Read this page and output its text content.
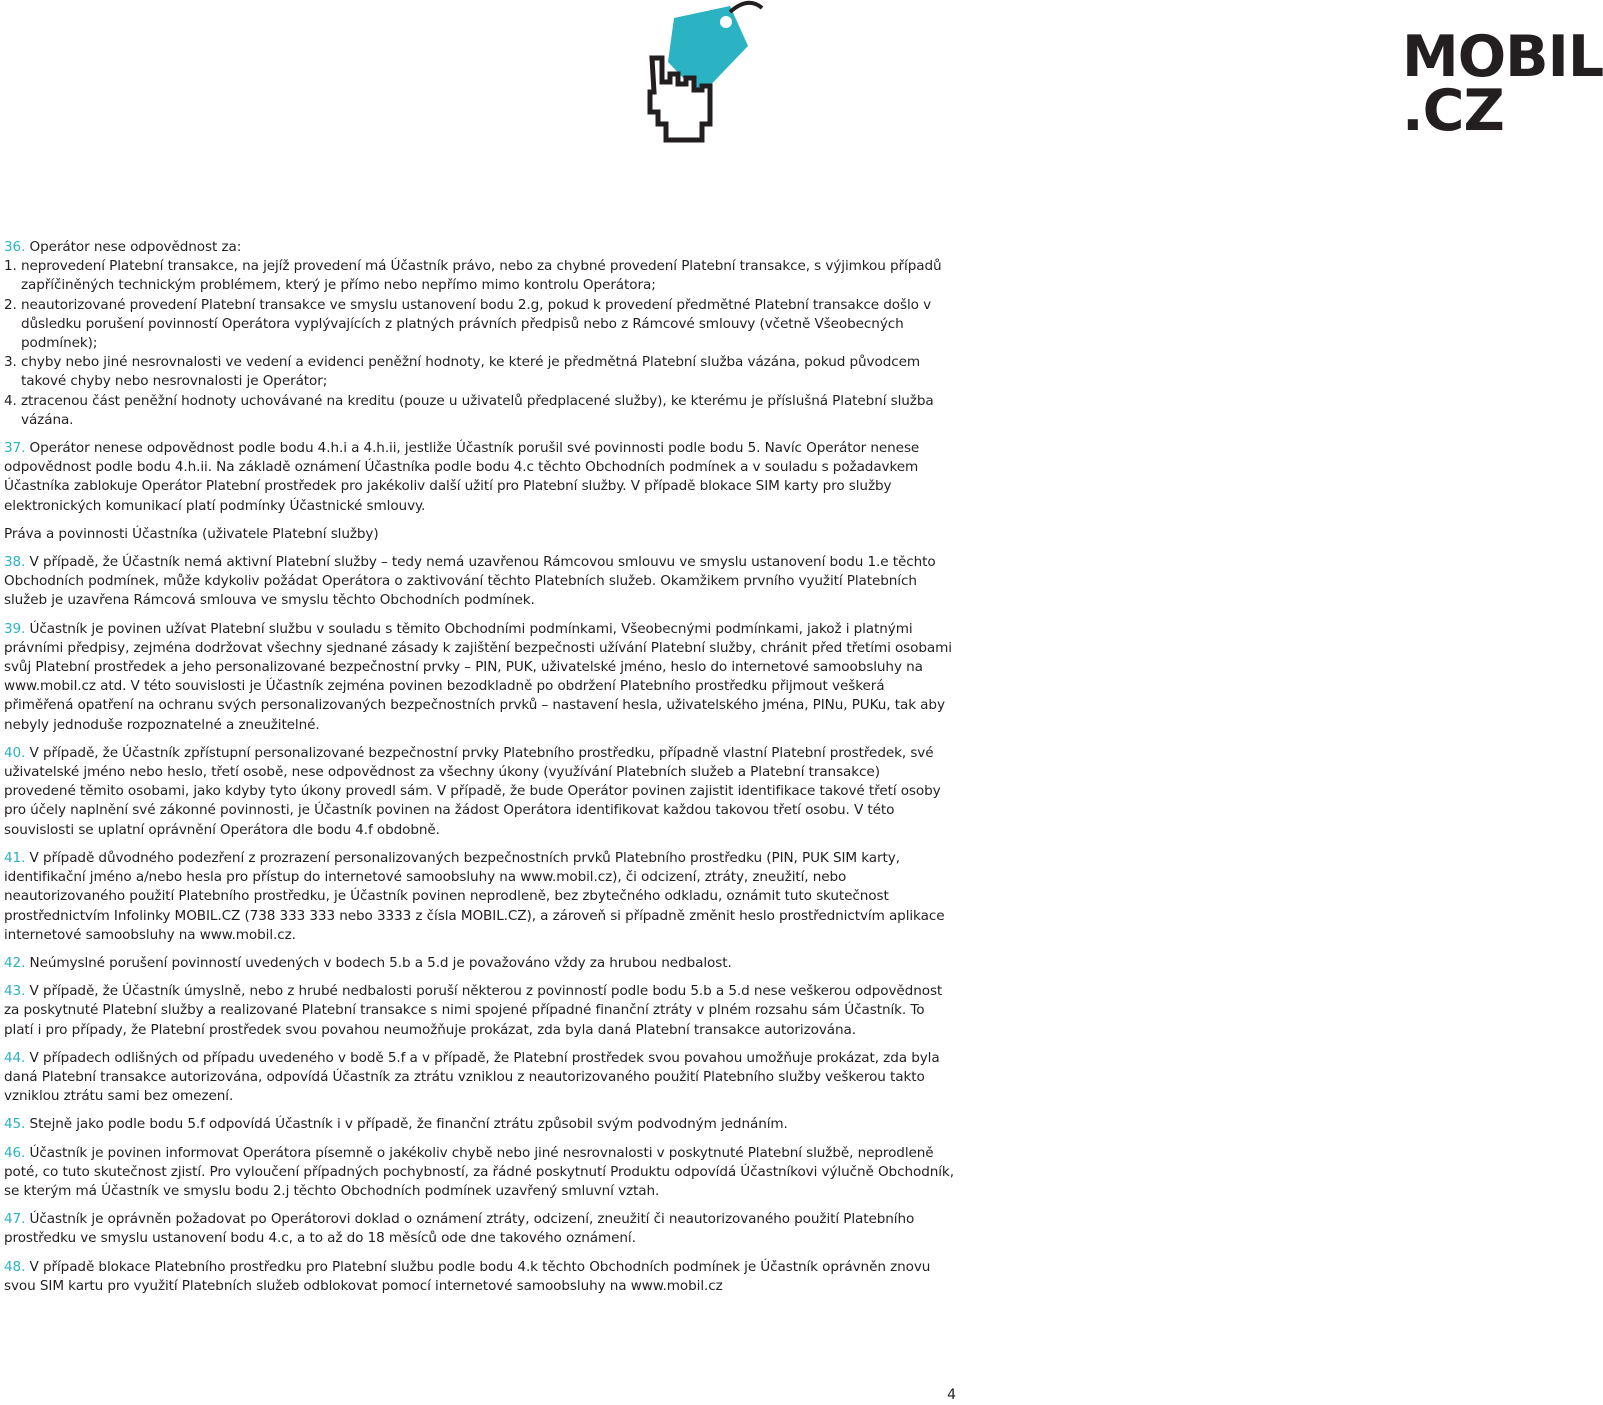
MOBIL
.CZ

36. Operátor nese odpovědnost za:

1. neprovedení Platební transakce, na jejíž provedení má Účastník právo, nebo za chybné provedení Platební transakce, s výjimkou případů zapříčiněných technickým problémem, který je přímo nebo nepřímo mimo kontrolu Operátora;

2. neautorizované provedení Platební transakce ve smyslu ustanovení bodu 2.g, pokud k provedení předmětné Platební transakce došlo v důsledku porušení povinností Operátora vyplývajících z platných právních předpisů nebo z Rámcové smlouvy (včetně Všeobecných podmínek);

3. chyby nebo jiné nesrovnalosti ve vedení a evidenci peněžní hodnoty, ke které je předmětná Platební služba vázána, pokud původcem takové chyby nebo nesrovnalosti je Operátor;

4. ztracenou část peněžní hodnoty uchovávané na kreditu (pouze u uživatelů předplacené služby), ke kterému je příslušná Platební služba vázána.

37. Operátor nenese odpovědnost podle bodu 4.h.i a 4.h.ii, jestliže Účastník porušil své povinnosti podle bodu 5. Navíc Operátor nenese odpovědnost podle bodu 4.h.ii. Na základě oznámení Účastníka podle bodu 4.c těchto Obchodních podmínek a v souladu s požadavkem Účastníka zablokuje Operátor Platební prostředek pro jakékoliv další užití pro Platební služby. V případě blokace SIM karty pro služby elektronických komunikací platí podmínky Účastnické smlouvy.

Práva a povinnosti Účastníka (uživatele Platební služby)

38. V případě, že Účastník nemá aktivní Platební služby – tedy nemá uzavřenou Rámcovou smlouvu ve smyslu ustanovení bodu 1.e těchto Obchodních podmínek, může kdykoliv požádat Operátora o zaktivování těchto Platebních služeb. Okamžikem prvního využití Platebních služeb je uzavřena Rámcová smlouva ve smyslu těchto Obchodních podmínek.

39. Účastník je povinen užívat Platební službu v souladu s těmito Obchodními podmínkami, Všeobecnými podmínkami, jakož i platnými právními předpisy, zejména dodržovat všechny sjednané zásady k zajištění bezpečnosti užívání Platební služby, chránit před třetími osobami svůj Platební prostředek a jeho personalizované bezpečnostní prvky – PIN, PUK, uživatelské jméno, heslo do internetové samoobsluhy na www.mobil.cz atd. V této souvislosti je Účastník zejména povinen bezodkladně po obdržení Platebního prostředku přijmout veškerá přiměřená opatření na ochranu svých personalizovaných bezpečnostních prvků – nastavení hesla, uživatelského jména, PINu, PUKu, tak aby nebyly jednoduše rozpoznatelné a zneužitelné.

40. V případě, že Účastník zpřístupní personalizované bezpečnostní prvky Platebního prostředku, případně vlastní Platební prostředek, své uživatelské jméno nebo heslo, třetí osobě, nese odpovědnost za všechny úkony (využívání Platebních služeb a Platební transakce) provedené těmito osobami, jako kdyby tyto úkony provedl sám. V případě, že bude Operátor povinen zajistit identifikace takové třetí osoby pro účely naplnění své zákonné povinnosti, je Účastník povinen na žádost Operátora identifikovat každou takovou třetí osobu. V této souvislosti se uplatní oprávnění Operátora dle bodu 4.f obdobně.

41. V případě důvodného podezření z prozrazení personalizovaných bezpečnostních prvků Platebního prostředku (PIN, PUK SIM karty, identifikační jméno a/nebo hesla pro přístup do internetové samoobsluhy na www.mobil.cz), či odcizení, ztráty, zneužití, nebo neautorizovaného použití Platebního prostředku, je Účastník povinen neprodleně, bez zbytečného odkladu, oznámit tuto skutečnost prostřednictvím Infolinky MOBIL.CZ (738 333 333 nebo 3333 z čísla MOBIL.CZ), a zároveň si případně změnit heslo prostřednictvím aplikace internetové samoobsluhy na www.mobil.cz.

42. Neúmyslné porušení povinností uvedených v bodech 5.b a 5.d je považováno vždy za hrubou nedbalost.

43. V případě, že Účastník úmyslně, nebo z hrubé nedbalosti poruší některou z povinností podle bodu 5.b a 5.d nese veškerou odpovědnost za poskytnuté Platební služby a realizované Platební transakce s nimi spojené případné finanční ztráty v plném rozsahu sám Účastník. To platí i pro případy, že Platební prostředek svou povahou neumožňuje prokázat, zda byla daná Platební transakce autorizována.

44. V případech odlišných od případu uvedeného v bodě 5.f a v případě, že Platební prostředek svou povahou umožňuje prokázat, zda byla daná Platební transakce autorizována, odpovídá Účastník za ztrátu vzniklou z neautorizovaného použití Platebního služby veškerou takto vzniklou ztrátu sami bez omezení.

45. Stejně jako podle bodu 5.f odpovídá Účastník i v případě, že finanční ztrátu způsobil svým podvodným jednáním.

46. Účastník je povinen informovat Operátora písemně o jakékoliv chybě nebo jiné nesrovnalosti v poskytnuté Platební službě, neprodleně poté, co tuto skutečnost zjistí. Pro vyloučení případných pochybností, za řádné poskytnutí Produktu odpovídá Účastníkovi výlučně Obchodník, se kterým má Účastník ve smyslu bodu 2.j těchto Obchodních podmínek uzavřený smluvní vztah.

47. Účastník je oprávněn požadovat po Operátorovi doklad o oznámení ztráty, odcizení, zneužití či neautorizovaného použití Platebního prostředku ve smyslu ustanovení bodu 4.c, a to až do 18 měsíců ode dne takového oznámení.

48. V případě blokace Platebního prostředku pro Platební službu podle bodu 4.k těchto Obchodních podmínek je Účastník oprávněn znovu svou SIM kartu pro využití Platebních služeb odblokovat pomocí internetové samoobsluhy na www.mobil.cz

4
